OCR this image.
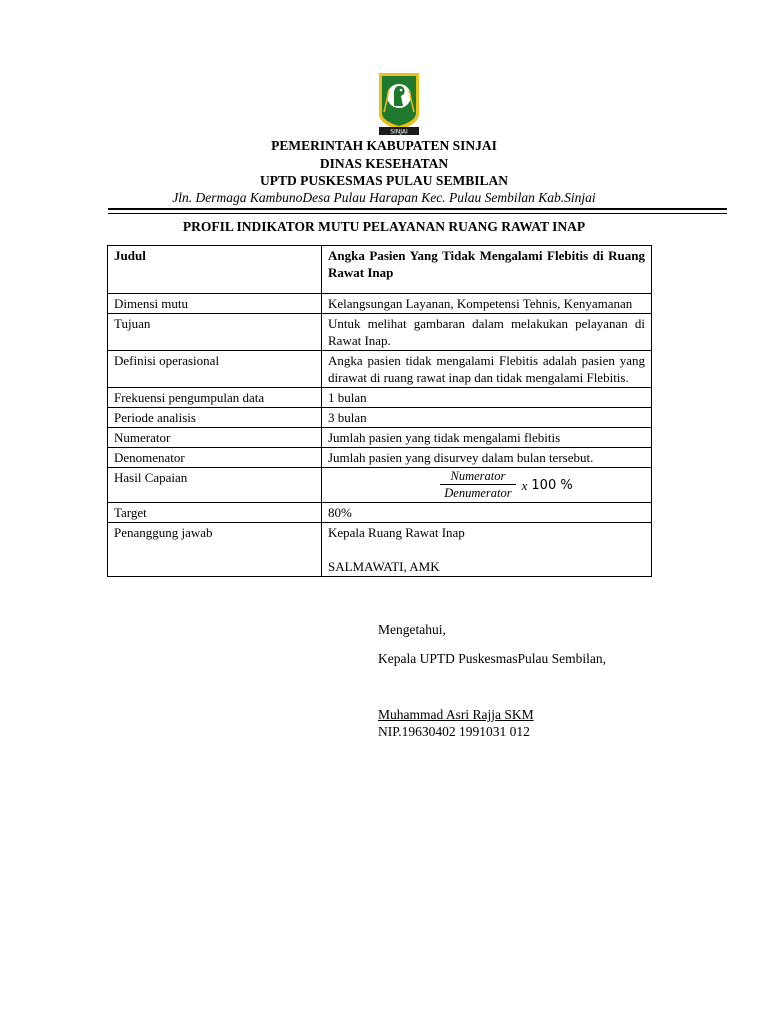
SINJAI
PEMERINTAH KABUPATEN SINJAI
DINAS KESEHATAN
UPTD PUSKESMAS PULAU SEMBILAN
Jln. Dermaga KambunoDesa Pulau Harapan Kec. Pulau Sembilan Kab.Sinjai
PROFIL INDIKATOR MUTU PELAYANAN RUANG RAWAT INAP
Judul	Angka Pasien Yang Tidak Mengalami Flebitis di Ruang Rawat Inap
Dimensi mutu	Kelangsungan Layanan, Kompetensi Tehnis, Kenyamanan
Tujuan	Untuk melihat gambaran dalam melakukan pelayanan di Rawat Inap.
Definisi operasional	Angka pasien tidak mengalami Flebitis adalah pasien yang dirawat di ruang rawat inap dan tidak mengalami Flebitis.
Frekuensi pengumpulan data	1 bulan
Periode analisis	3 bulan
Numerator	Jumlah pasien yang tidak mengalami flebitis
Denomenator	Jumlah pasien yang disurvey dalam bulan tersebut.
Hasil Capaian	$\frac{\text{Numerator}}{\text{Denumerator}}$ x 100 %

Target	80%
Penanggung jawab	Kepala Ruang Rawat Inap
SALMAWATI, AMK
Mengetahui,
Kepala UPTD PuskesmasPulau Sembilan,
Muhammad Asri Rajja SKM
NIP.19630402 1991031 012
